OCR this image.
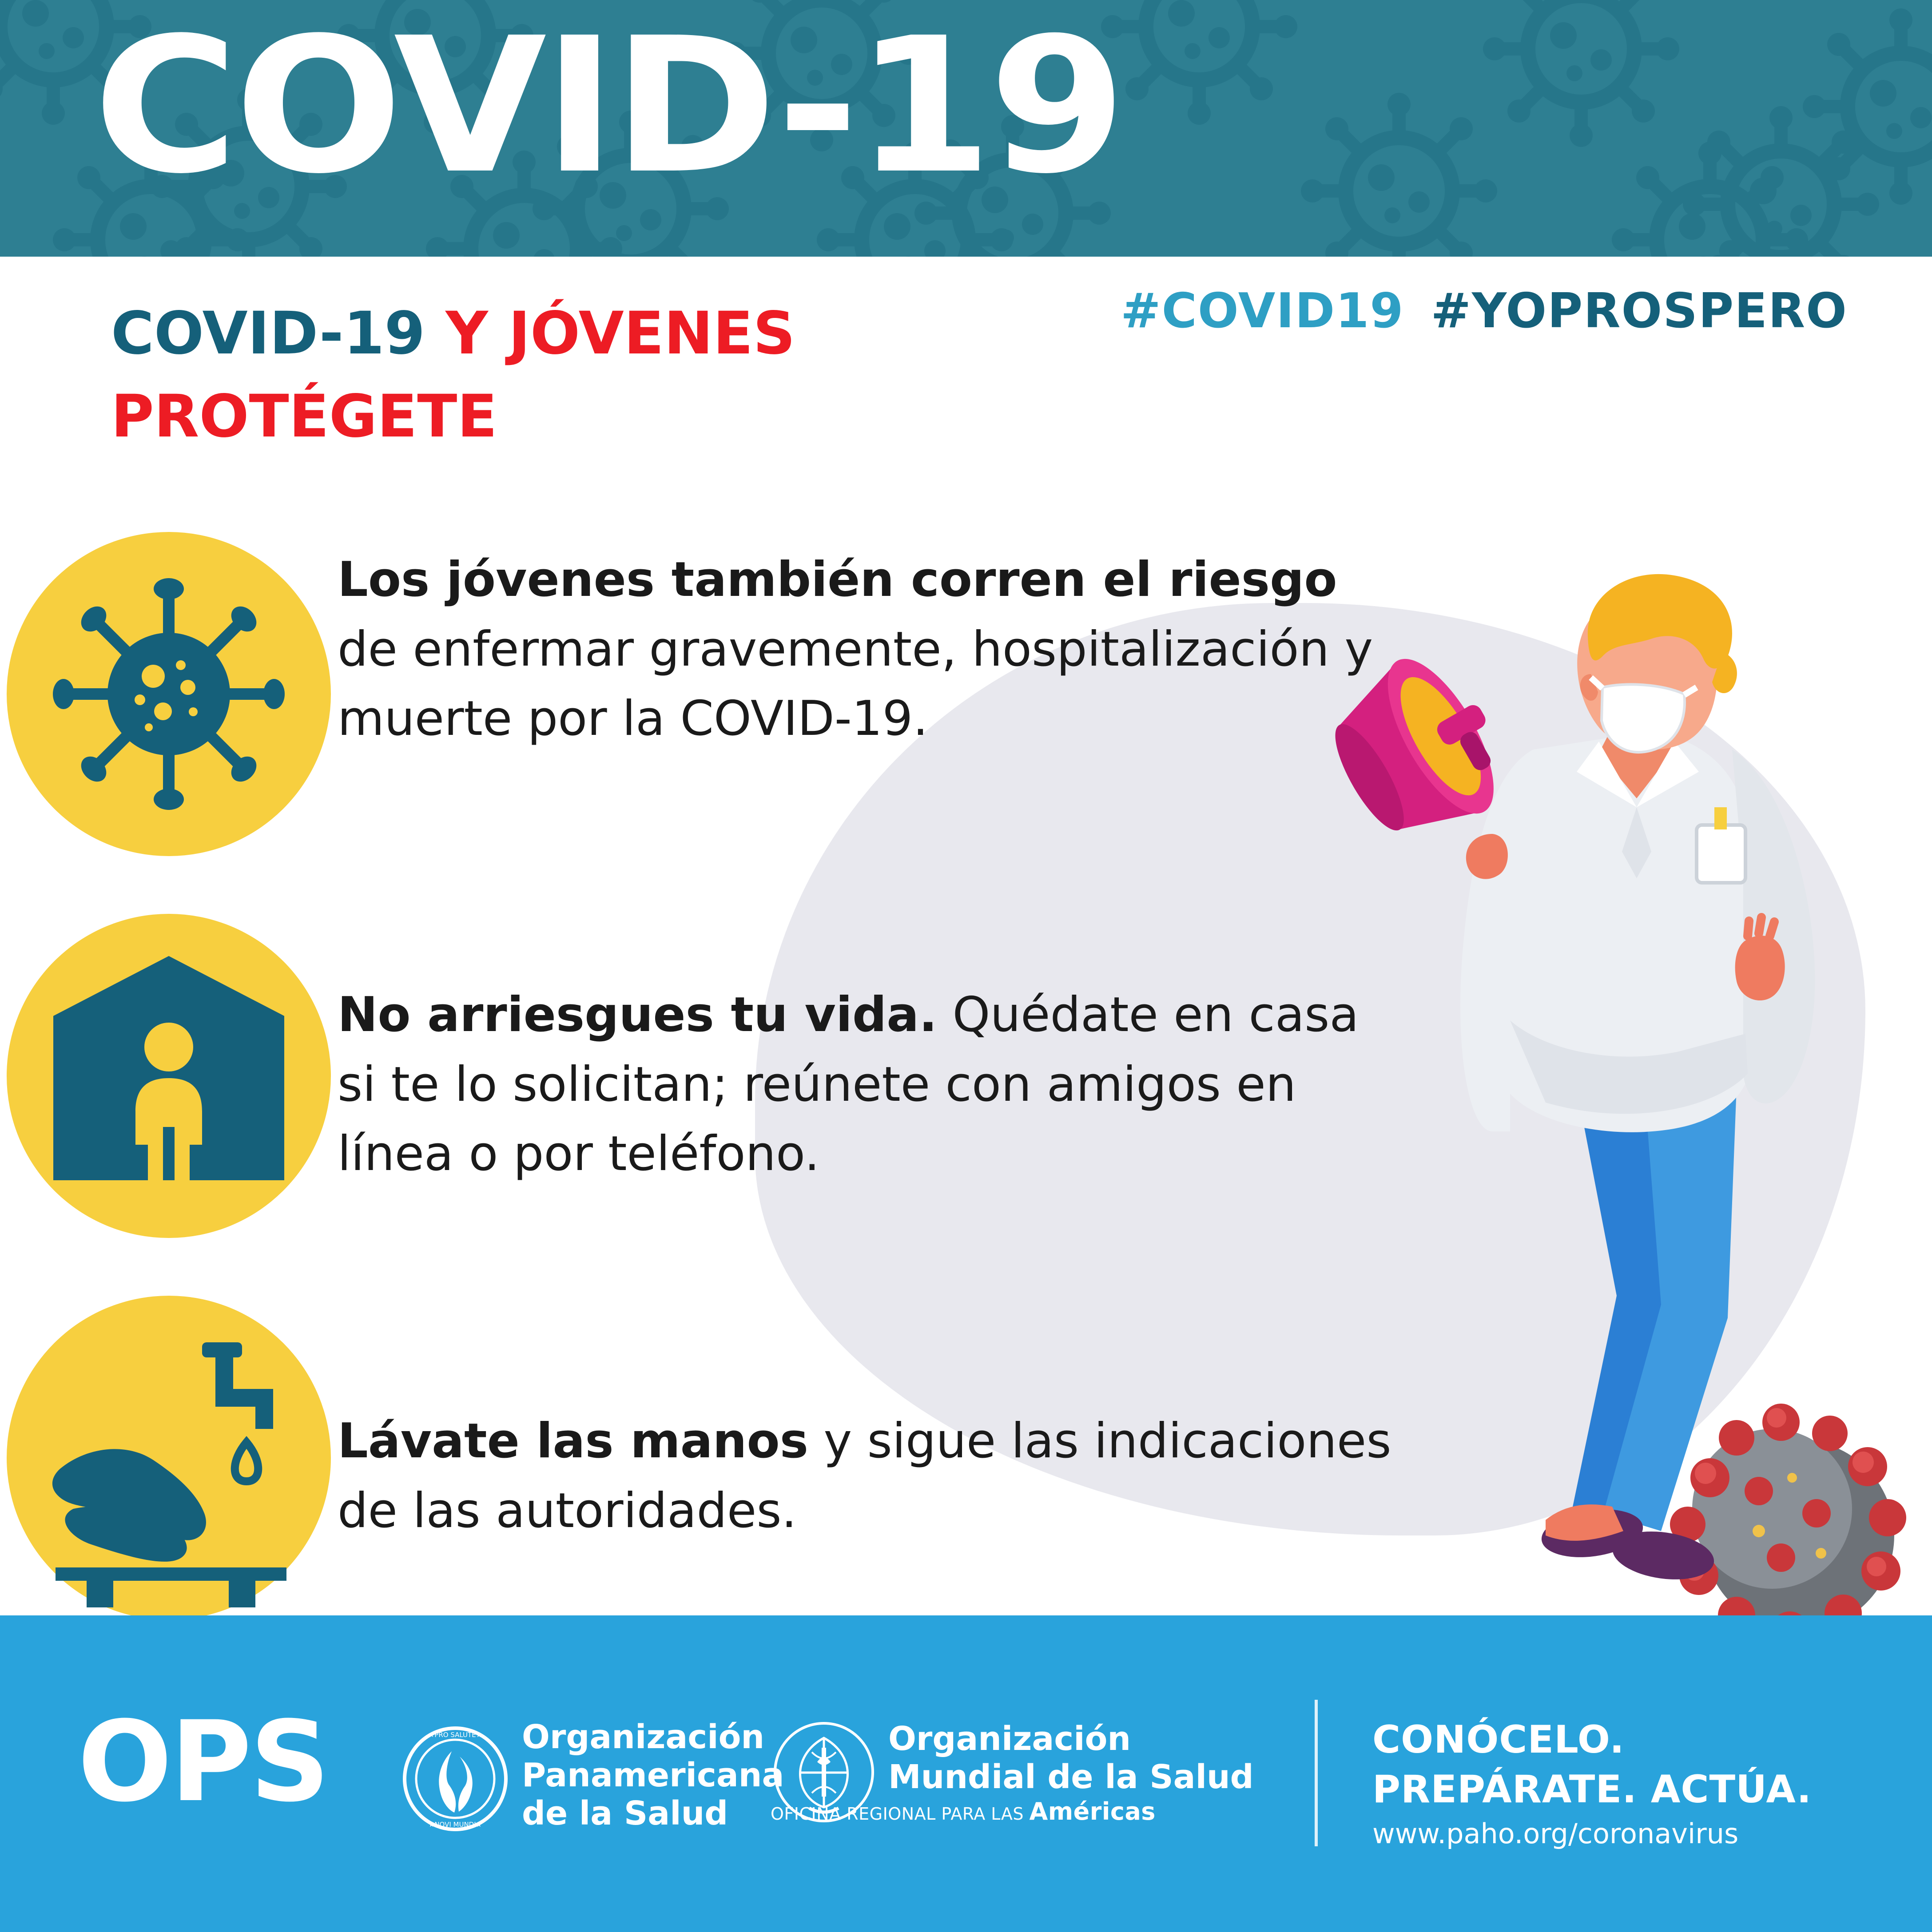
COVID-19
COVID-19 Y JÓVENES
PROTÉGETE
#COVID19 #YOPROSPERO
Los jóvenes también corren el riesgo de enfermar gravemente, hospitalización y muerte por la COVID-19.
No arriesgues tu vida. Quédate en casa si te lo solicitan; reúnete con amigos en línea o por teléfono.
Lávate las manos y sigue las indicaciones de las autoridades.
OPS	★PRO SALUTE★
★NOVI MUNDI★
Organización
Panamericana
de la Salud
Organización
Mundial de la Salud
OFICINA REGIONAL PARA LAS Américas
CONÓCELO.
PREPÁRATE. ACTÚA.
www.paho.org/coronavirus
